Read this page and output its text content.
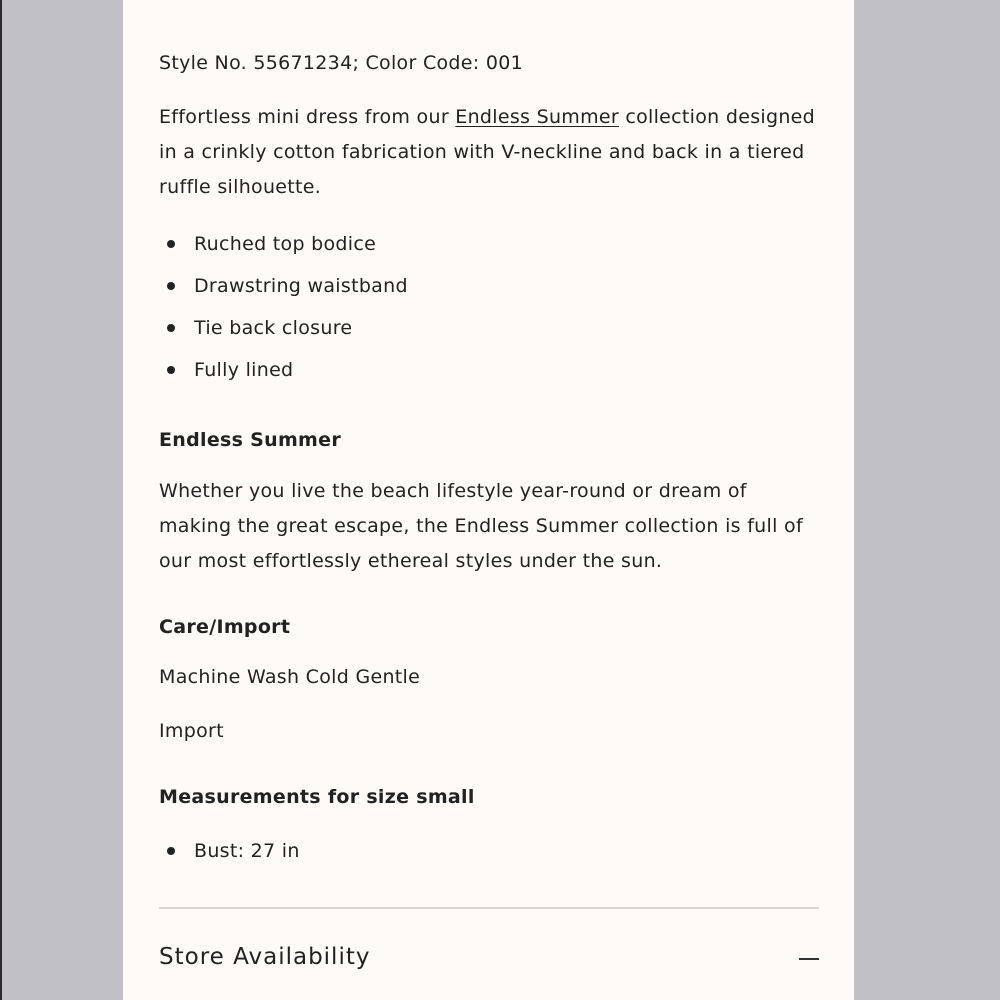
Style No. 55671234; Color Code: 001
Effortless mini dress from our Endless Summer collection designed in a crinkly cotton fabrication with V-neckline and back in a tiered ruffle silhouette.
Ruched top bodice
Drawstring waistband
Tie back closure
Fully lined
Endless Summer
Whether you live the beach lifestyle year-round or dream of making the great escape, the Endless Summer collection is full of our most effortlessly ethereal styles under the sun.
Care/Import
Machine Wash Cold Gentle
Import
Measurements for size small
Bust: 27 in
Store Availability
